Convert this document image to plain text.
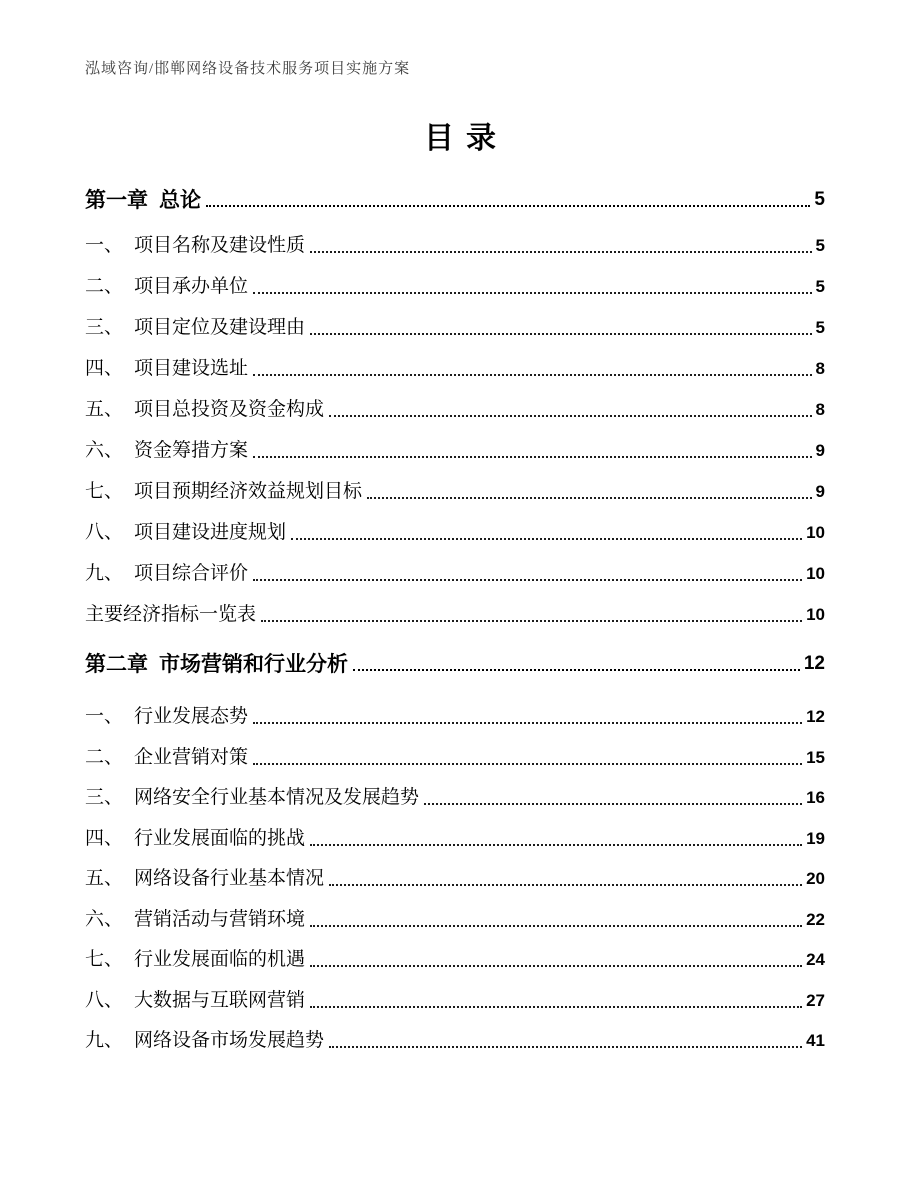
泓域咨询/邯郸网络设备技术服务项目实施方案
目录
第一章 总论	5
一、 项目名称及建设性质	5
二、 项目承办单位	5
三、 项目定位及建设理由	5
四、 项目建设选址	8
五、 项目总投资及资金构成	8
六、 资金筹措方案	9
七、 项目预期经济效益规划目标	9
八、 项目建设进度规划	10
九、 项目综合评价	10
主要经济指标一览表	10
第二章 市场营销和行业分析	12
一、 行业发展态势	12
二、 企业营销对策	15
三、 网络安全行业基本情况及发展趋势	16
四、 行业发展面临的挑战	19
五、 网络设备行业基本情况	20
六、 营销活动与营销环境	22
七、 行业发展面临的机遇	24
八、 大数据与互联网营销	27
九、 网络设备市场发展趋势	41
